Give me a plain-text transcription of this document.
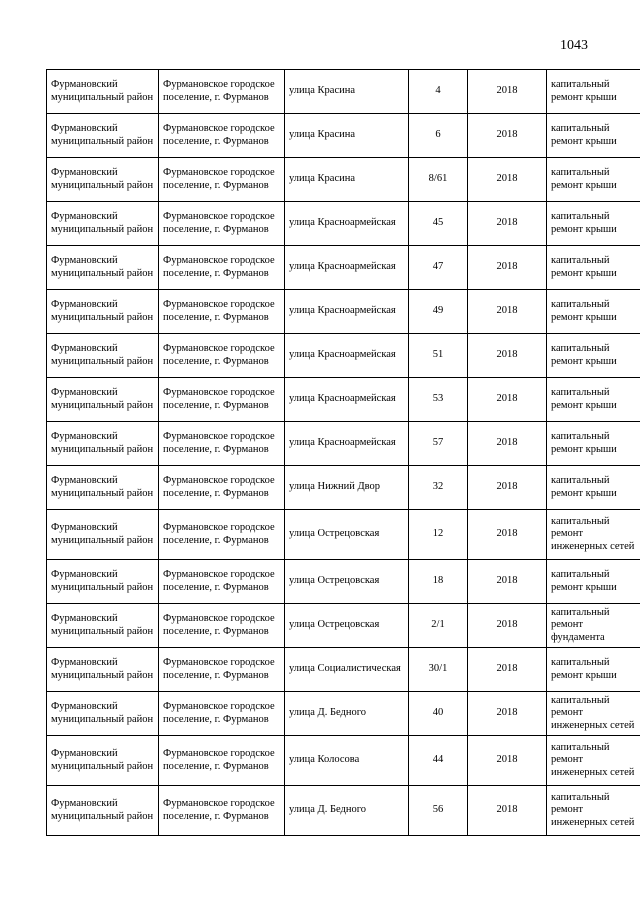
1043
Фурмановский муниципальный район	Фурмановское городское поселение, г. Фурманов	улица Красина	4	2018	капитальный ремонт крыши
Фурмановский муниципальный район	Фурмановское городское поселение, г. Фурманов	улица Красина	6	2018	капитальный ремонт крыши
Фурмановский муниципальный район	Фурмановское городское поселение, г. Фурманов	улица Красина	8/61	2018	капитальный ремонт крыши
Фурмановский муниципальный район	Фурмановское городское поселение, г. Фурманов	улица Красноармейская	45	2018	капитальный ремонт крыши
Фурмановский муниципальный район	Фурмановское городское поселение, г. Фурманов	улица Красноармейская	47	2018	капитальный ремонт крыши
Фурмановский муниципальный район	Фурмановское городское поселение, г. Фурманов	улица Красноармейская	49	2018	капитальный ремонт крыши
Фурмановский муниципальный район	Фурмановское городское поселение, г. Фурманов	улица Красноармейская	51	2018	капитальный ремонт крыши
Фурмановский муниципальный район	Фурмановское городское поселение, г. Фурманов	улица Красноармейская	53	2018	капитальный ремонт крыши
Фурмановский муниципальный район	Фурмановское городское поселение, г. Фурманов	улица Красноармейская	57	2018	капитальный ремонт крыши
Фурмановский муниципальный район	Фурмановское городское поселение, г. Фурманов	улица Нижний Двор	32	2018	капитальный ремонт крыши
Фурмановский муниципальный район	Фурмановское городское поселение, г. Фурманов	улица Острецовская	12	2018	капитальный ремонт инженерных сетей
Фурмановский муниципальный район	Фурмановское городское поселение, г. Фурманов	улица Острецовская	18	2018	капитальный ремонт крыши
Фурмановский муниципальный район	Фурмановское городское поселение, г. Фурманов	улица Острецовская	2/1	2018	капитальный ремонт фундамента
Фурмановский муниципальный район	Фурмановское городское поселение, г. Фурманов	улица Социалистическая	30/1	2018	капитальный ремонт крыши
Фурмановский муниципальный район	Фурмановское городское поселение, г. Фурманов	улица Д. Бедного	40	2018	капитальный ремонт инженерных сетей
Фурмановский муниципальный район	Фурмановское городское поселение, г. Фурманов	улица Колосова	44	2018	капитальный ремонт инженерных сетей
Фурмановский муниципальный район	Фурмановское городское поселение, г. Фурманов	улица Д. Бедного	56	2018	капитальный ремонт инженерных сетей
